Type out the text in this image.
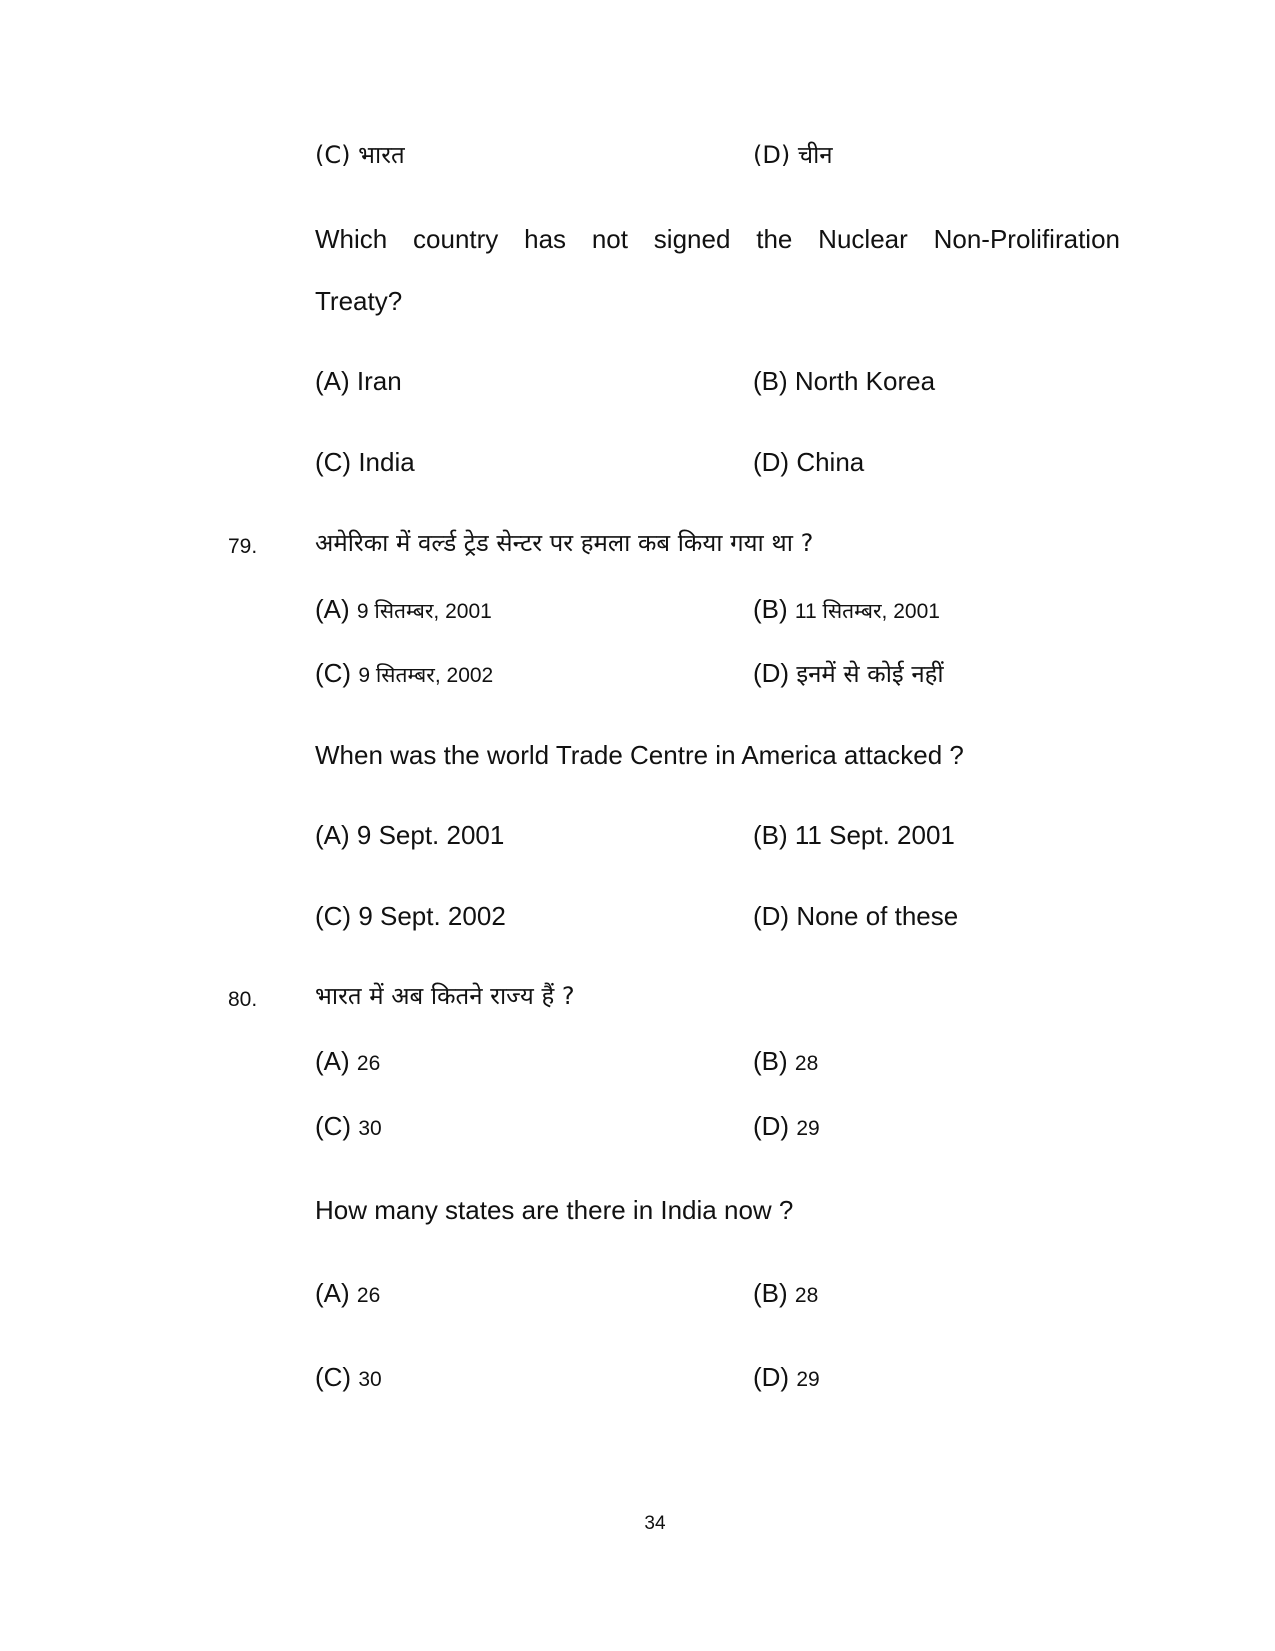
(C) भारत	(D) चीन
Which country has not signed the Nuclear Non-Prolifiration
Treaty?
(A) Iran	(B) North Korea
(C) India	(D) China
79. अमेरिका में वर्ल्ड ट्रेड सेन्टर पर हमला कब किया गया था ?
(A) 9 सितम्बर, 2001	(B) 11 सितम्बर, 2001
(C) 9 सितम्बर, 2002	(D) इनमें से कोई नहीं
When was the world Trade Centre in America attacked ?
(A) 9 Sept. 2001	(B) 11 Sept. 2001
(C) 9 Sept. 2002	(D) None of these
80. भारत में अब कितने राज्य हैं ?
(A) 26	(B) 28
(C) 30	(D) 29
How many states are there in India now ?
(A) 26	(B) 28
(C) 30	(D) 29
34
